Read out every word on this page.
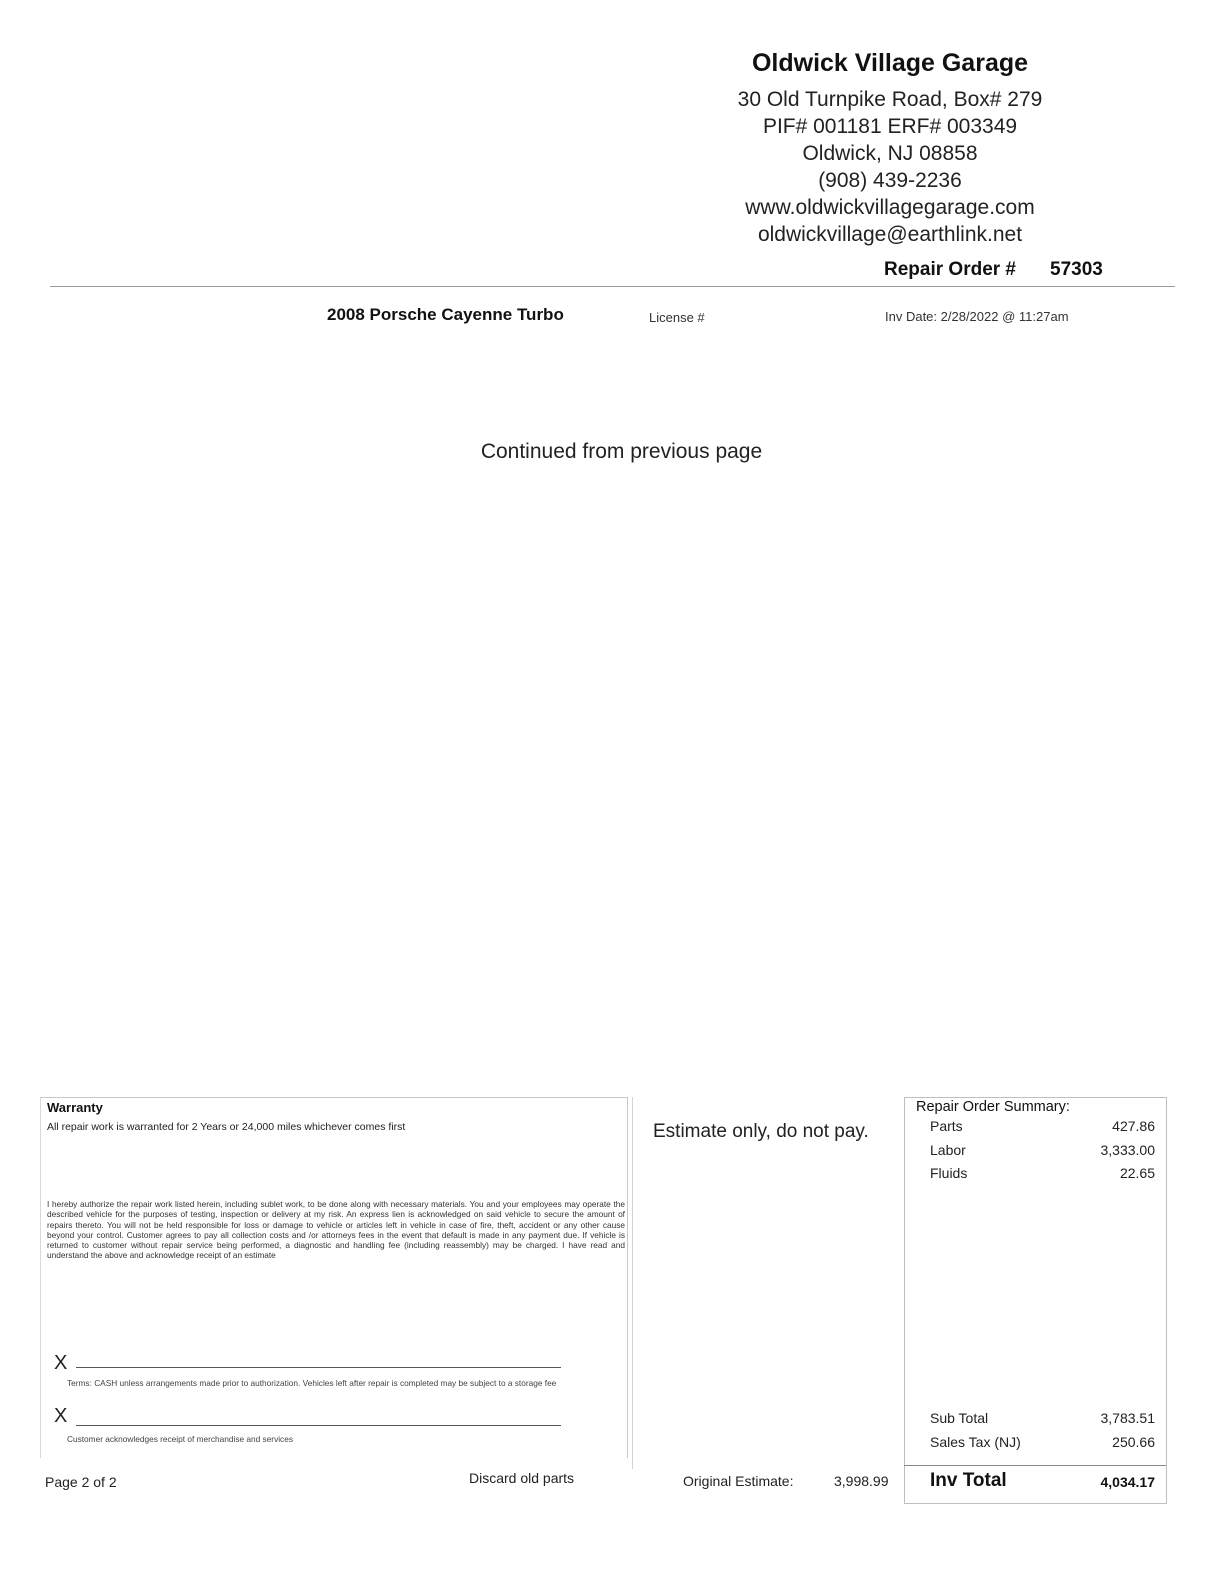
Oldwick Village Garage
30 Old Turnpike Road, Box# 279
PIF# 001181 ERF# 003349
Oldwick, NJ 08858
(908) 439-2236
www.oldwickvillagegarage.com
oldwickvillage@earthlink.net
Repair Order # 57303
2008 Porsche Cayenne Turbo	License #	Inv Date: 2/28/2022 @ 11:27am
Continued from previous page
Warranty
All repair work is warranted for 2 Years or 24,000 miles whichever comes first
I hereby authorize the repair work listed herein, including sublet work, to be done along with necessary materials. You and your employees may operate the described vehicle for the purposes of testing, inspection or delivery at my risk. An express lien is acknowledged on said vehicle to secure the amount of repairs thereto. You will not be held responsible for loss or damage to vehicle or articles left in vehicle in case of fire, theft, accident or any other cause beyond your control. Customer agrees to pay all collection costs and /or attorneys fees in the event that default is made in any payment due. If vehicle is returned to customer without repair service being performed, a diagnostic and handling fee (including reassembly) may be charged. I have read and understand the above and acknowledge receipt of an estimate
X
Terms: CASH unless arrangements made prior to authorization. Vehicles left after repair is completed may be subject to a storage fee
X
Customer acknowledges receipt of merchandise and services
Estimate only, do not pay.
Repair Order Summary:
Parts	427.86
Labor	3,333.00
Fluids	22.65
Sub Total	3,783.51
Sales Tax (NJ)	250.66
Inv Total	4,034.17
Page 2 of 2	Discard old parts	Original Estimate:	3,998.99
